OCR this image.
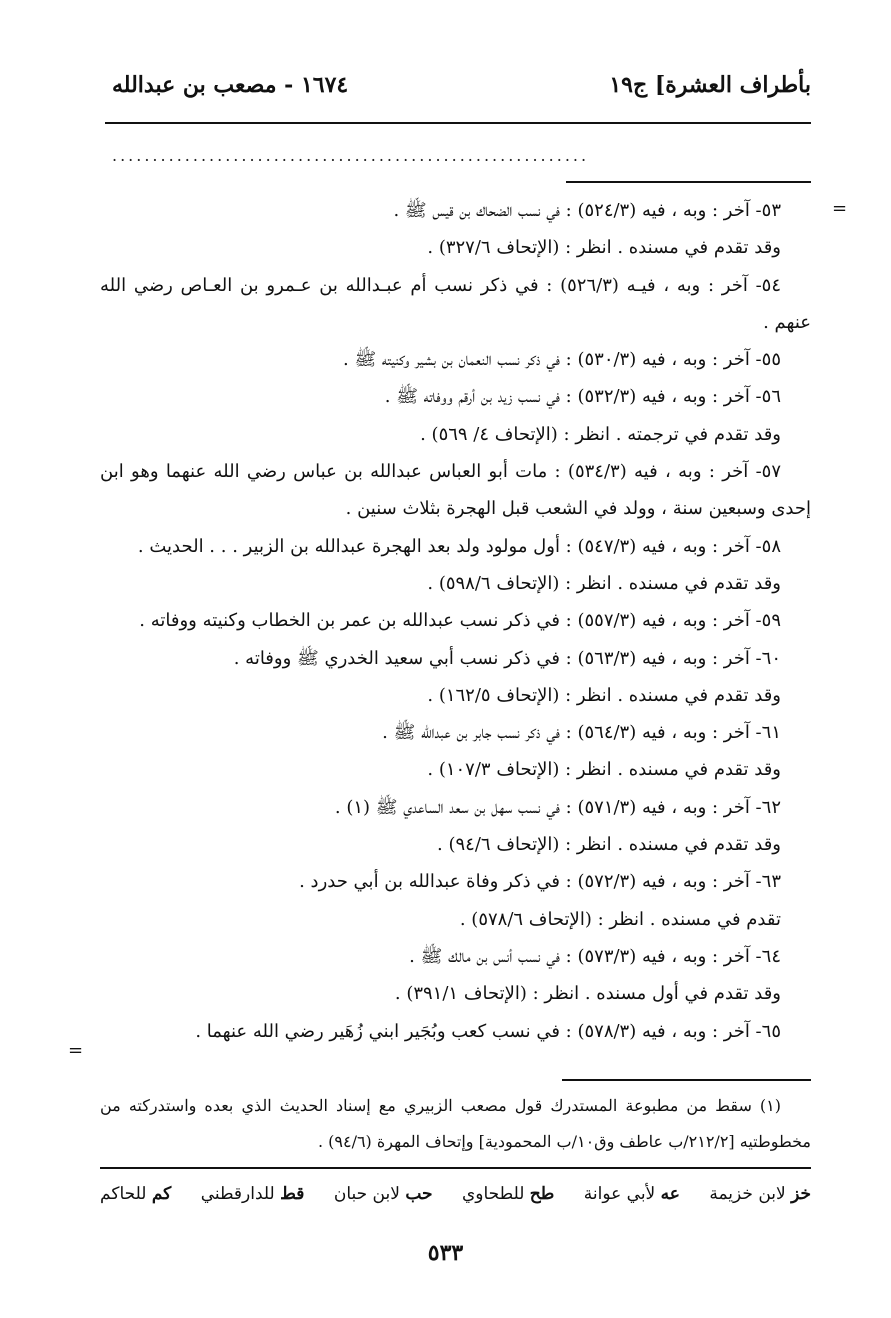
بأطراف العشرة] ج١٩
١٦٧٤ - مصعب بن عبدالله
...........................................................
=
=
٥٣- آخر : وبه ، فيه (٥٢٤/٣) : في نسب الضحاك بن قيس ﷺ .
وقد تقدم في مسنده . انظر : (الإتحاف ٣٢٧/٦) .
٥٤- آخر : وبه ، فيـه (٥٢٦/٣) : في ذكر نسب أم عبـدالله بن عـمرو بن العـاص رضي الله
عنهم .
٥٥- آخر : وبه ، فيه (٥٣٠/٣) : في ذكر نسب النعمان بن بشير وكنيته ﷺ .
٥٦- آخر : وبه ، فيه (٥٣٢/٣) : في نسب زيد بن أرقم ووفاته ﷺ .
وقد تقدم في ترجمته . انظر : (الإتحاف ٤/ ٥٦٩) .
٥٧- آخر : وبه ، فيه (٥٣٤/٣) : مات أبو العباس عبدالله بن عباس رضي الله عنهما وهو ابن
إحدى وسبعين سنة ، وولد في الشعب قبل الهجرة بثلاث سنين .
٥٨- آخر : وبه ، فيه (٥٤٧/٣) : أول مولود ولد بعد الهجرة عبدالله بن الزبير . . . الحديث .
وقد تقدم في مسنده . انظر : (الإتحاف ٥٩٨/٦) .
٥٩- آخر : وبه ، فيه (٥٥٧/٣) : في ذكر نسب عبدالله بن عمر بن الخطاب وكنيته ووفاته .
٦٠- آخر : وبه ، فيه (٥٦٣/٣) : في ذكر نسب أبي سعيد الخدري ﷺ ووفاته .
وقد تقدم في مسنده . انظر : (الإتحاف ١٦٢/٥) .
٦١- آخر : وبه ، فيه (٥٦٤/٣) : في ذكر نسب جابر بن عبدالله ﷺ .
وقد تقدم في مسنده . انظر : (الإتحاف ١٠٧/٣) .
٦٢- آخر : وبه ، فيه (٥٧١/٣) : في نسب سهل بن سعد الساعدي ﷺ (١) .
وقد تقدم في مسنده . انظر : (الإتحاف ٩٤/٦) .
٦٣- آخر : وبه ، فيه (٥٧٢/٣) : في ذكر وفاة عبدالله بن أبي حدرد .
تقدم في مسنده . انظر : (الإتحاف ٥٧٨/٦) .
٦٤- آخر : وبه ، فيه (٥٧٣/٣) : في نسب أنس بن مالك ﷺ .
وقد تقدم في أول مسنده . انظر : (الإتحاف ٣٩١/١) .
٦٥- آخر : وبه ، فيه (٥٧٨/٣) : في نسب كعب وبُجَير ابني زُهَير رضي الله عنهما .
(١) سقط من مطبوعة المستدرك قول مصعب الزبيري مع إسناد الحديث الذي بعده واستدركته من
مخطوطتيه [٢١٢/٢/ب عاطف وق١٠/ب المحمودية] وإتحاف المهرة (٩٤/٦) .
خز لابن خزيمة
عه لأبي عوانة
طح للطحاوي
حب لابن حبان
قط للدارقطني
كم للحاكم
٥٣٣
